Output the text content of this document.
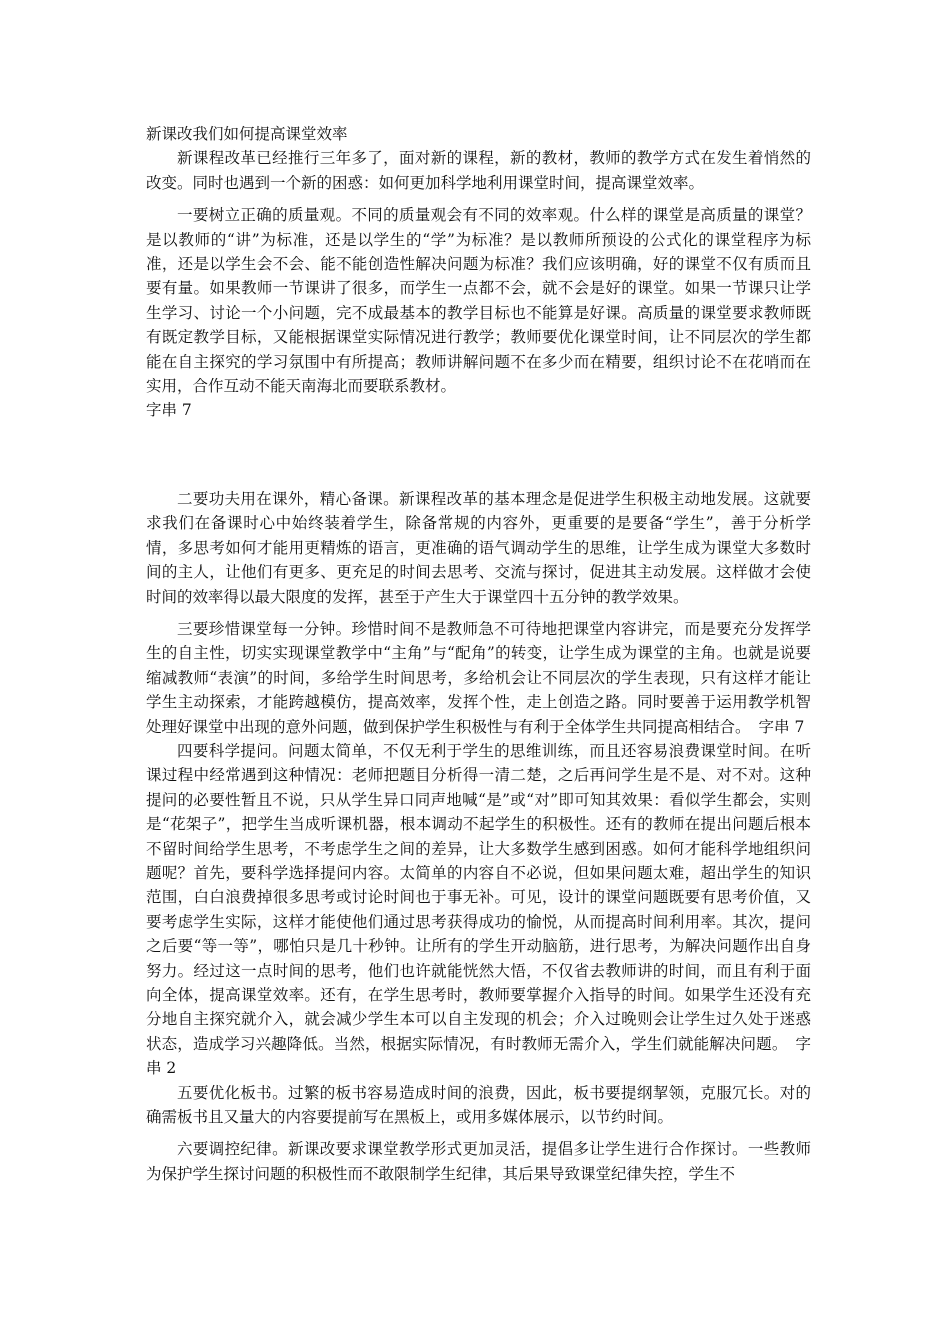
新课改我们如何提高课堂效率

新课程改革已经推行三年多了，面对新的课程，新的教材，教师的教学方式在发生着悄然的改变。同时也遇到一个新的困惑：如何更加科学地利用课堂时间，提高课堂效率。

一要树立正确的质量观。不同的质量观会有不同的效率观。什么样的课堂是高质量的课堂？是以教师的“讲”为标准，还是以学生的“学”为标准？是以教师所预设的公式化的课堂程序为标准，还是以学生会不会、能不能创造性解决问题为标准？我们应该明确，好的课堂不仅有质而且要有量。如果教师一节课讲了很多，而学生一点都不会，就不会是好的课堂。如果一节课只让学生学习、讨论一个小问题，完不成最基本的教学目标也不能算是好课。高质量的课堂要求教师既有既定教学目标，又能根据课堂实际情况进行教学；教师要优化课堂时间，让不同层次的学生都能在自主探究的学习氛围中有所提高；教师讲解问题不在多少而在精要，组织讨论不在花哨而在实用，合作互动不能天南海北而要联系教材。

字串 7

二要功夫用在课外，精心备课。新课程改革的基本理念是促进学生积极主动地发展。这就要求我们在备课时心中始终装着学生，除备常规的内容外，更重要的是要备“学生”，善于分析学情，多思考如何才能用更精炼的语言，更准确的语气调动学生的思维，让学生成为课堂大多数时间的主人，让他们有更多、更充足的时间去思考、交流与探讨，促进其主动发展。这样做才会使时间的效率得以最大限度的发挥，甚至于产生大于课堂四十五分钟的教学效果。

三要珍惜课堂每一分钟。珍惜时间不是教师急不可待地把课堂内容讲完，而是要充分发挥学生的自主性，切实实现课堂教学中“主角”与“配角”的转变，让学生成为课堂的主角。也就是说要缩减教师“表演”的时间，多给学生时间思考，多给机会让不同层次的学生表现，只有这样才能让学生主动探索，才能跨越模仿，提高效率，发挥个性，走上创造之路。同时要善于运用教学机智处理好课堂中出现的意外问题，做到保护学生积极性与有利于全体学生共同提高相结合。 字串 7

四要科学提问。问题太简单，不仅无利于学生的思维训练，而且还容易浪费课堂时间。在听课过程中经常遇到这种情况：老师把题目分析得一清二楚，之后再问学生是不是、对不对。这种提问的必要性暂且不说，只从学生异口同声地喊“是”或“对”即可知其效果：看似学生都会，实则是“花架子”，把学生当成听课机器，根本调动不起学生的积极性。还有的教师在提出问题后根本不留时间给学生思考，不考虑学生之间的差异，让大多数学生感到困惑。如何才能科学地组织问题呢？首先，要科学选择提问内容。太简单的内容自不必说，但如果问题太难，超出学生的知识范围，白白浪费掉很多思考或讨论时间也于事无补。可见，设计的课堂问题既要有思考价值，又要考虑学生实际，这样才能使他们通过思考获得成功的愉悦，从而提高时间利用率。其次，提问之后要“等一等”，哪怕只是几十秒钟。让所有的学生开动脑筋，进行思考，为解决问题作出自身努力。经过这一点时间的思考，他们也许就能恍然大悟，不仅省去教师讲的时间，而且有利于面向全体，提高课堂效率。还有，在学生思考时，教师要掌握介入指导的时间。如果学生还没有充分地自主探究就介入，就会减少学生本可以自主发现的机会；介入过晚则会让学生过久处于迷惑状态，造成学习兴趣降低。当然，根据实际情况，有时教师无需介入，学生们就能解决问题。 字串 2

五要优化板书。过繁的板书容易造成时间的浪费，因此，板书要提纲挈领，克服冗长。对的确需板书且又量大的内容要提前写在黑板上，或用多媒体展示，以节约时间。

六要调控纪律。新课改要求课堂教学形式更加灵活，提倡多让学生进行合作探讨。一些教师为保护学生探讨问题的积极性而不敢限制学生纪律，其后果导致课堂纪律失控，学生不
